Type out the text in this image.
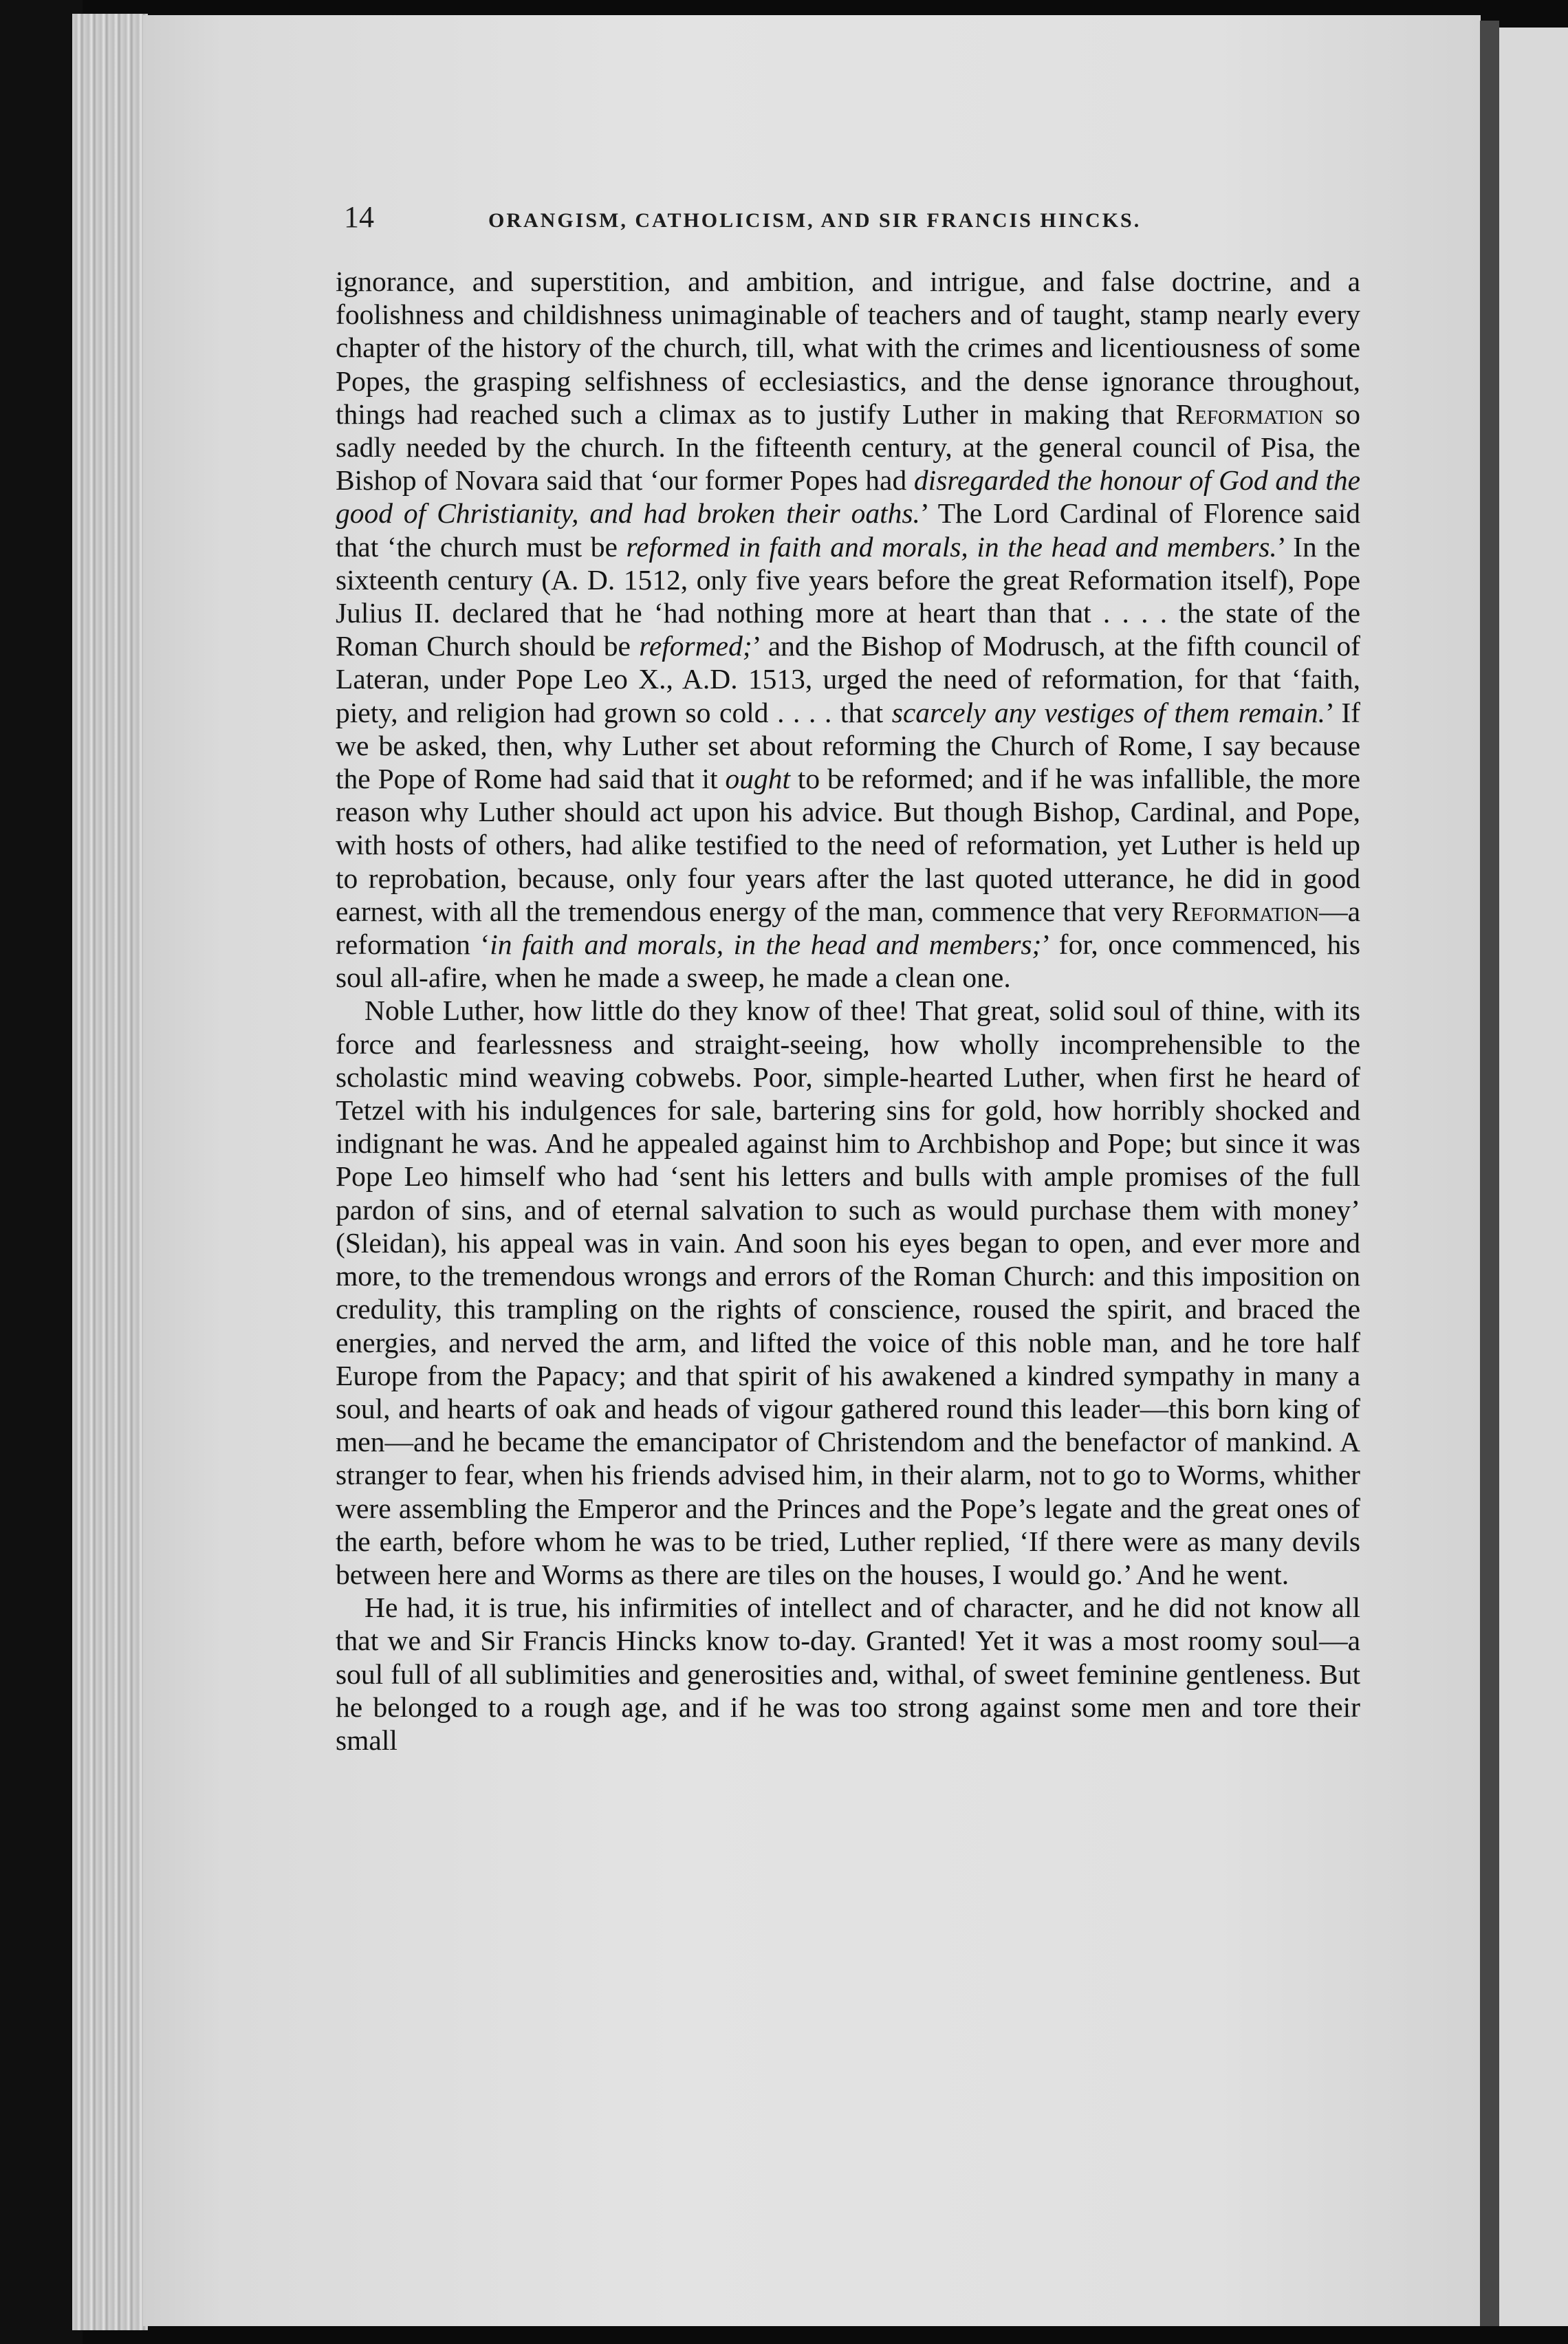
14	ORANGISM, CATHOLICISM, AND SIR FRANCIS HINCKS.

ignorance, and superstition, and ambition, and intrigue, and false doctrine, and a foolishness and childishness unimaginable of teachers and of taught, stamp nearly every chapter of the history of the church, till, what with the crimes and licentiousness of some Popes, the grasping selfishness of ecclesiastics, and the dense ignorance throughout, things had reached such a climax as to justify Luther in making that Reformation so sadly needed by the church. In the fifteenth century, at the general council of Pisa, the Bishop of Novara said that ‘our former Popes had disregarded the honour of God and the good of Christianity, and had broken their oaths.’ The Lord Cardinal of Florence said that ‘the church must be reformed in faith and morals, in the head and members.’ In the sixteenth century (A. D. 1512, only five years before the great Reformation itself), Pope Julius II. declared that he ‘had nothing more at heart than that . . . . the state of the Roman Church should be reformed;’ and the Bishop of Modrusch, at the fifth council of Lateran, under Pope Leo X., A.D. 1513, urged the need of reformation, for that ‘faith, piety, and religion had grown so cold . . . . that scarcely any vestiges of them remain.’ If we be asked, then, why Luther set about reforming the Church of Rome, I say because the Pope of Rome had said that it ought to be reformed; and if he was infallible, the more reason why Luther should act upon his advice. But though Bishop, Cardinal, and Pope, with hosts of others, had alike testified to the need of reformation, yet Luther is held up to reprobation, because, only four years after the last quoted utterance, he did in good earnest, with all the tremendous energy of the man, commence that very Reformation—a reformation ‘in faith and morals, in the head and members;’ for, once commenced, his soul all-afire, when he made a sweep, he made a clean one.

Noble Luther, how little do they know of thee! That great, solid soul of thine, with its force and fearlessness and straight-seeing, how wholly incomprehensible to the scholastic mind weaving cobwebs. Poor, simple-hearted Luther, when first he heard of Tetzel with his indulgences for sale, bartering sins for gold, how horribly shocked and indignant he was. And he appealed against him to Archbishop and Pope; but since it was Pope Leo himself who had ‘sent his letters and bulls with ample promises of the full pardon of sins, and of eternal salvation to such as would purchase them with money’ (Sleidan), his appeal was in vain. And soon his eyes began to open, and ever more and more, to the tremendous wrongs and errors of the Roman Church: and this imposition on credulity, this trampling on the rights of conscience, roused the spirit, and braced the energies, and nerved the arm, and lifted the voice of this noble man, and he tore half Europe from the Papacy; and that spirit of his awakened a kindred sympathy in many a soul, and hearts of oak and heads of vigour gathered round this leader—this born king of men—and he became the emancipator of Christendom and the benefactor of mankind. A stranger to fear, when his friends advised him, in their alarm, not to go to Worms, whither were assembling the Emperor and the Princes and the Pope’s legate and the great ones of the earth, before whom he was to be tried, Luther replied, ‘If there were as many devils between here and Worms as there are tiles on the houses, I would go.’ And he went.

He had, it is true, his infirmities of intellect and of character, and he did not know all that we and Sir Francis Hincks know to-day. Granted! Yet it was a most roomy soul—a soul full of all sublimities and generosities and, withal, of sweet feminine gentleness. But he belonged to a rough age, and if he was too strong against some men and tore their small
